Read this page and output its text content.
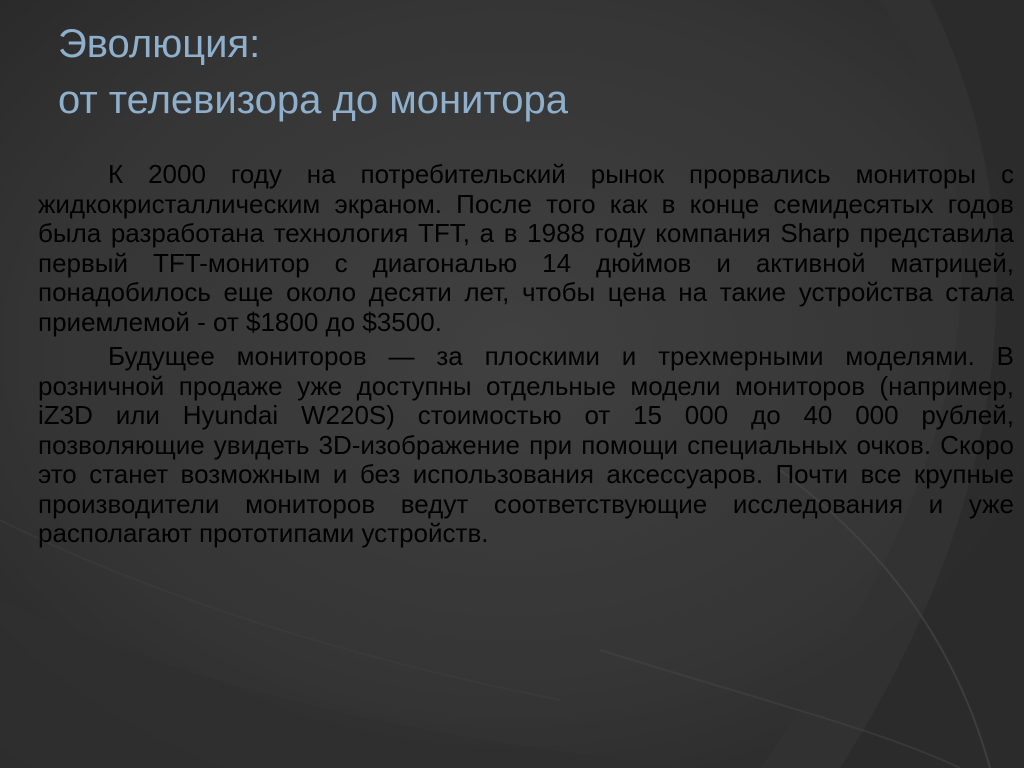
Эволюция:
от телевизора до монитора

К 2000 году на потребительский рынок прорвались мониторы с жидкокристаллическим экраном. После того как в конце семидесятых годов была разработана технология TFT, а в 1988 году компания Sharp представила первый TFT-монитор с диагональю 14 дюймов и активной матрицей, понадобилось еще около десяти лет, чтобы цена на такие устройства стала приемлемой - от $1800 до $3500.

Будущее мониторов — за плоскими и трехмерными моделями. В розничной продаже уже доступны отдельные модели мониторов (например, iZ3D или Hyundai W220S) стоимостью от 15 000 до 40 000 рублей, позволяющие увидеть 3D-изображение при помощи специальных очков. Скоро это станет возможным и без использования аксессуаров. Почти все крупные производители мониторов ведут соответствующие исследования и уже располагают прототипами устройств.
